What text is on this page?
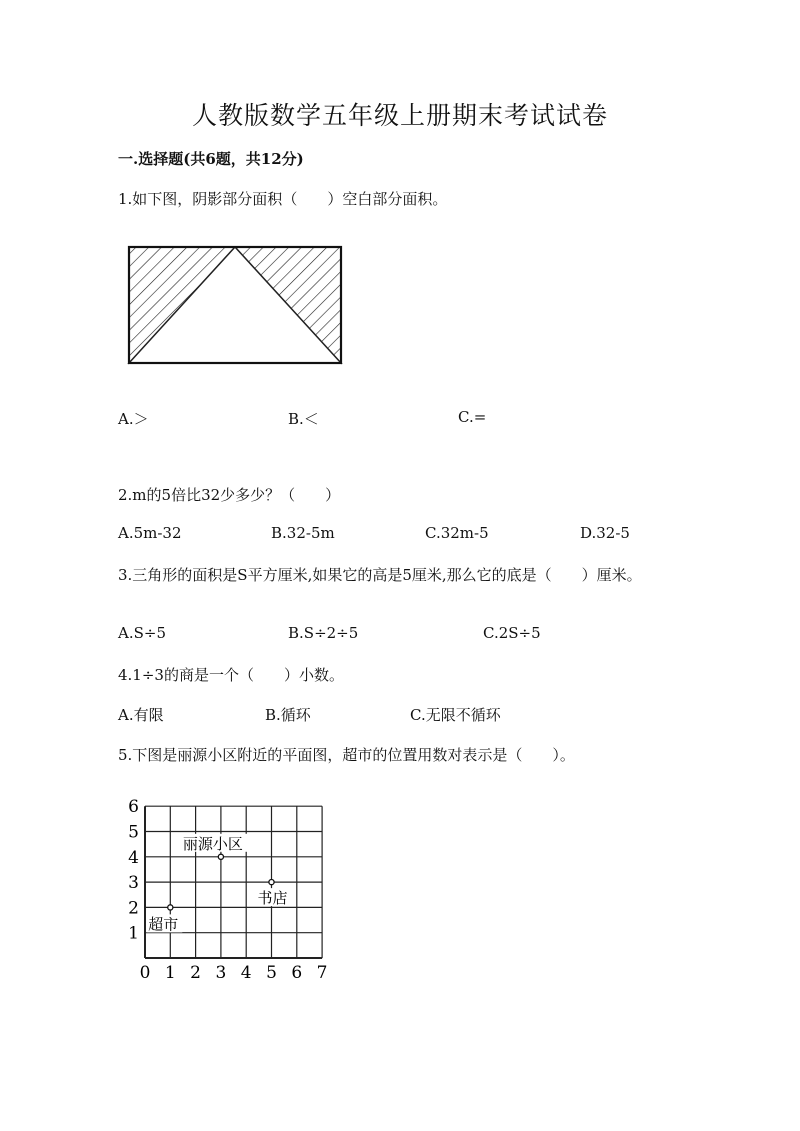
人教版数学五年级上册期末考试试卷
一.选择题(共6题，共12分)
1.如下图，阴影部分面积（　　）空白部分面积。
A.＞	B.＜	C.=
2.m的5倍比32少多少？（　　）
A.5m-32	B.32-5m	C.32m-5	D.32-5
3.三角形的面积是S平方厘米,如果它的高是5厘米,那么它的底是（　　）厘米。
A.S÷5	B.S÷2÷5	C.2S÷5
4.1÷3的商是一个（　　）小数。
A.有限	B.循环	C.无限不循环
5.下图是丽源小区附近的平面图，超市的位置用数对表示是（　　）。
0 1 2 3 4 5 6 7
1
2
3
4
5
6
丽源小区
书店
超市
